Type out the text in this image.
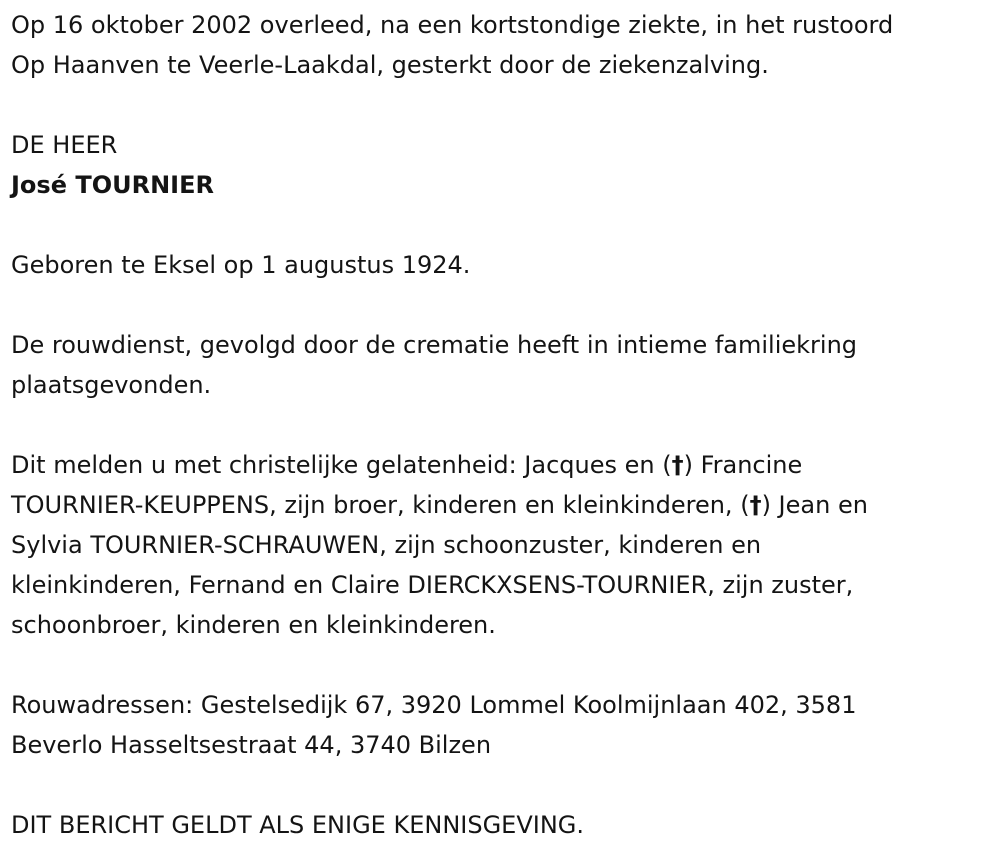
Op 16 oktober 2002 overleed, na een kortstondige ziekte, in het rustoord

Op Haanven te Veerle-Laakdal, gesterkt door de ziekenzalving.

DE HEER

José TOURNIER

Geboren te Eksel op 1 augustus 1924.

De rouwdienst, gevolgd door de crematie heeft in intieme familiekring

plaatsgevonden.

Dit melden u met christelijke gelatenheid: Jacques en (†) Francine

TOURNIER-KEUPPENS, zijn broer, kinderen en kleinkinderen, (†) Jean en

Sylvia TOURNIER-SCHRAUWEN, zijn schoonzuster, kinderen en

kleinkinderen, Fernand en Claire DIERCKXSENS-TOURNIER, zijn zuster,

schoonbroer, kinderen en kleinkinderen.

Rouwadressen: Gestelsedijk 67, 3920 Lommel Koolmijnlaan 402, 3581

Beverlo Hasseltsestraat 44, 3740 Bilzen

DIT BERICHT GELDT ALS ENIGE KENNISGEVING.
